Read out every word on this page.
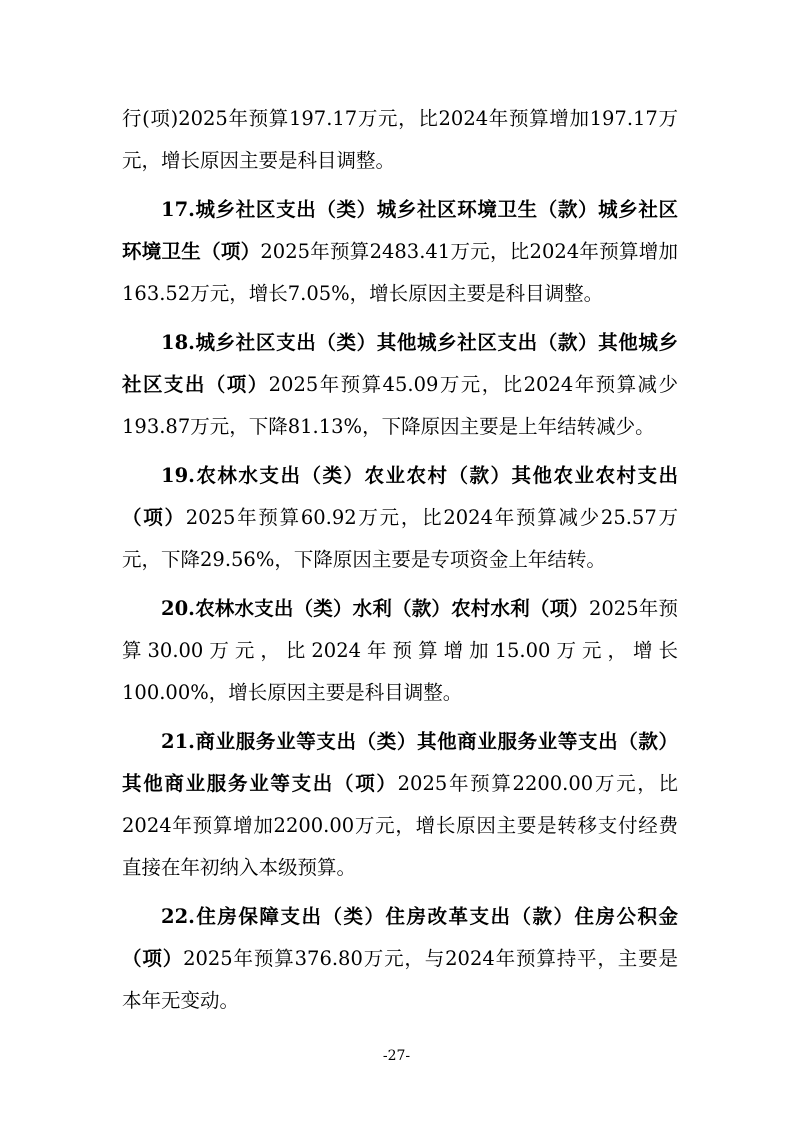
行(项)2025年预算197.17万元，比2024年预算增加197.17万元，增长原因主要是科目调整。

17.城乡社区支出（类）城乡社区环境卫生（款）城乡社区环境卫生（项）2025年预算2483.41万元，比2024年预算增加163.52万元，增长7.05%，增长原因主要是科目调整。

18.城乡社区支出（类）其他城乡社区支出（款）其他城乡社区支出（项）2025年预算45.09万元，比2024年预算减少193.87万元，下降81.13%，下降原因主要是上年结转减少。

19.农林水支出（类）农业农村（款）其他农业农村支出（项）2025年预算60.92万元，比2024年预算减少25.57万元，下降29.56%，下降原因主要是专项资金上年结转。

20.农林水支出（类）水利（款）农村水利（项）2025年预算30.00万元，比2024年预算增加15.00万元，增长100.00%，增长原因主要是科目调整。

21.商业服务业等支出（类）其他商业服务业等支出（款）其他商业服务业等支出（项）2025年预算2200.00万元，比2024年预算增加2200.00万元，增长原因主要是转移支付经费直接在年初纳入本级预算。

22.住房保障支出（类）住房改革支出（款）住房公积金（项）2025年预算376.80万元，与2024年预算持平，主要是本年无变动。

-27-
